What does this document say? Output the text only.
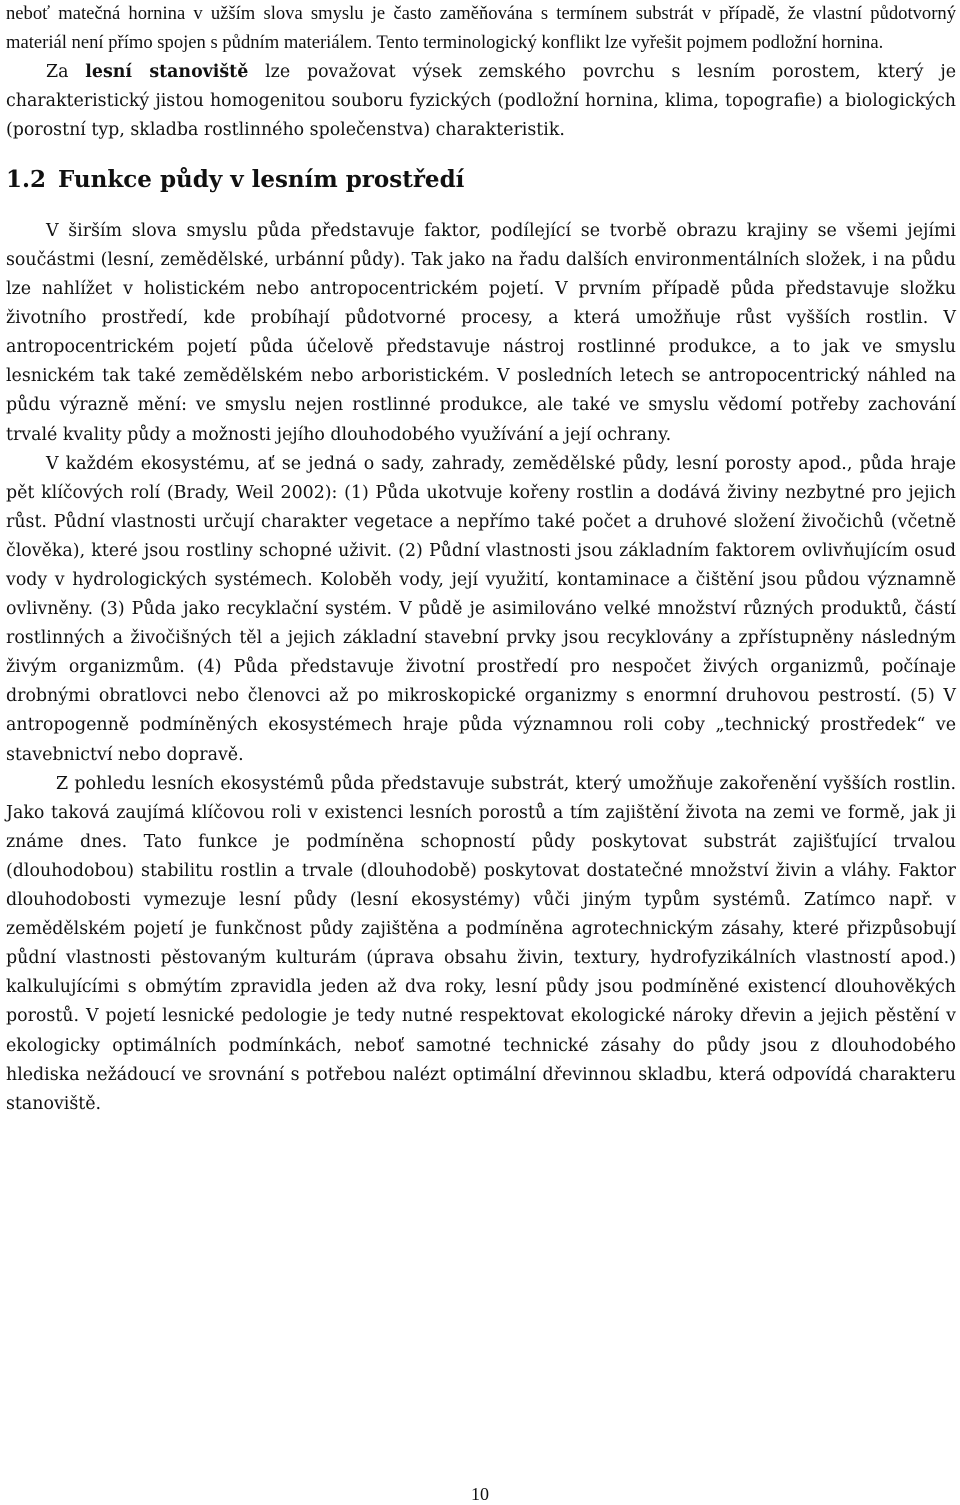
neboť matečná hornina v užším slova smyslu je často zaměňována s termínem substrát v případě, že vlastní půdotvorný materiál není přímo spojen s půdním materiálem. Tento terminologický konflikt lze vyřešit pojmem podložní hornina.

Za lesní stanoviště lze považovat výsek zemského povrchu s lesním porostem, který je charakteristický jistou homogenitou souboru fyzických (podložní hornina, klima, topografie) a biologických (porostní typ, skladba rostlinného společenstva) charakteristik.

1.2 Funkce půdy v lesním prostředí

V širším slova smyslu půda představuje faktor, podílející se tvorbě obrazu krajiny se všemi jejími součástmi (lesní, zemědělské, urbánní půdy). Tak jako na řadu dalších environmentálních složek, i na půdu lze nahlížet v holistickém nebo antropocentrickém pojetí. V prvním případě půda představuje složku životního prostředí, kde probíhají půdotvorné procesy, a která umožňuje růst vyšších rostlin. V antropocentrickém pojetí půda účelově představuje nástroj rostlinné produkce, a to jak ve smyslu lesnickém tak také zemědělském nebo arboristickém. V posledních letech se antropocentrický náhled na půdu výrazně mění: ve smyslu nejen rostlinné produkce, ale také ve smyslu vědomí potřeby zachování trvalé kvality půdy a možnosti jejího dlouhodobého využívání a její ochrany.

V každém ekosystému, ať se jedná o sady, zahrady, zemědělské půdy, lesní porosty apod., půda hraje pět klíčových rolí (Brady, Weil 2002): (1) Půda ukotvuje kořeny rostlin a dodává živiny nezbytné pro jejich růst. Půdní vlastnosti určují charakter vegetace a nepřímo také počet a druhové složení živočichů (včetně člověka), které jsou rostliny schopné uživit. (2) Půdní vlastnosti jsou základním faktorem ovlivňujícím osud vody v hydrologických systémech. Koloběh vody, její využití, kontaminace a čištění jsou půdou významně ovlivněny. (3) Půda jako recyklační systém. V půdě je asimilováno velké množství různých produktů, částí rostlinných a živočišných těl a jejich základní stavební prvky jsou recyklovány a zpřístupněny následným živým organizmům. (4) Půda představuje životní prostředí pro nespočet živých organizmů, počínaje drobnými obratlovci nebo členovci až po mikroskopické organizmy s enormní druhovou pestrostí. (5) V antropogenně podmíněných ekosystémech hraje půda významnou roli coby „technický prostředek“ ve stavebnictví nebo dopravě.

Z pohledu lesních ekosystémů půda představuje substrát, který umožňuje zakořenění vyšších rostlin. Jako taková zaujímá klíčovou roli v existenci lesních porostů a tím zajištění života na zemi ve formě, jak ji známe dnes. Tato funkce je podmíněna schopností půdy poskytovat substrát zajišťující trvalou (dlouhodobou) stabilitu rostlin a trvale (dlouhodobě) poskytovat dostatečné množství živin a vláhy. Faktor dlouhodobosti vymezuje lesní půdy (lesní ekosystémy) vůči jiným typům systémů. Zatímco např. v zemědělském pojetí je funkčnost půdy zajištěna a podmíněna agrotechnickým zásahy, které přizpůsobují půdní vlastnosti pěstovaným kulturám (úprava obsahu živin, textury, hydrofyzikálních vlastností apod.) kalkulujícími s obmýtím zpravidla jeden až dva roky, lesní půdy jsou podmíněné existencí dlouhověkých porostů. V pojetí lesnické pedologie je tedy nutné respektovat ekologické nároky dřevin a jejich pěstění v ekologicky optimálních podmínkách, neboť samotné technické zásahy do půdy jsou z dlouhodobého hlediska nežádoucí ve srovnání s potřebou nalézt optimální dřevinnou skladbu, která odpovídá charakteru stanoviště.

10
